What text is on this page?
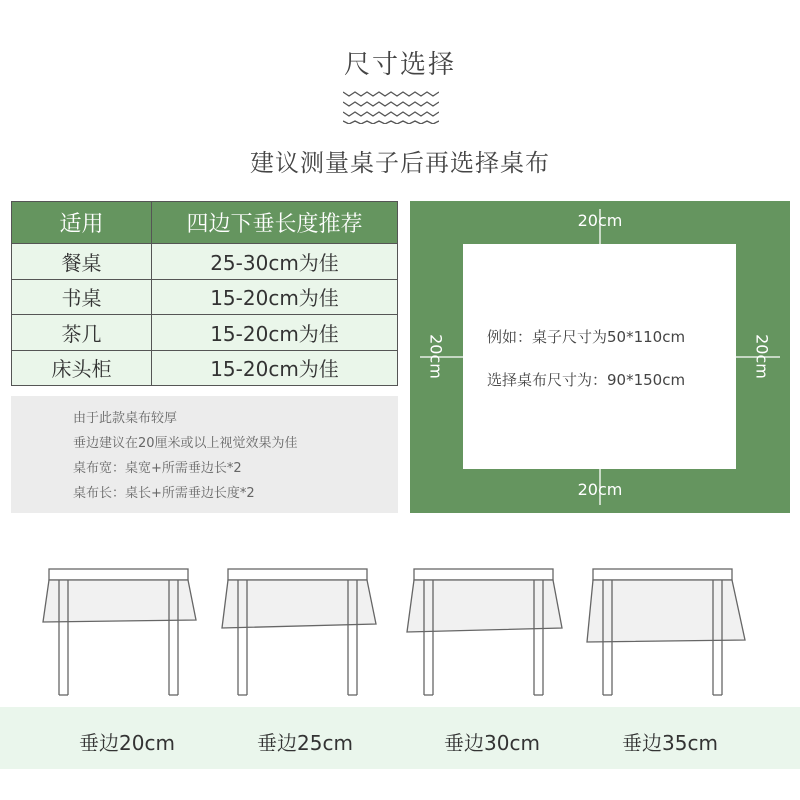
尺寸选择
建议测量桌子后再选择桌布
适用	四边下垂长度推荐
餐桌	25-30cm为佳
书桌	15-20cm为佳
茶几	15-20cm为佳
床头柜	15-20cm为佳
由于此款桌布较厚
垂边建议在20厘米或以上视觉效果为佳
桌布宽：桌宽+所需垂边长*2
桌布长：桌长+所需垂边长度*2
20cm
20cm
20cm	20cm
例如：桌子尺寸为50*110cm
选择桌布尺寸为：90*150cm
垂边20cm	垂边25cm	垂边30cm	垂边35cm
